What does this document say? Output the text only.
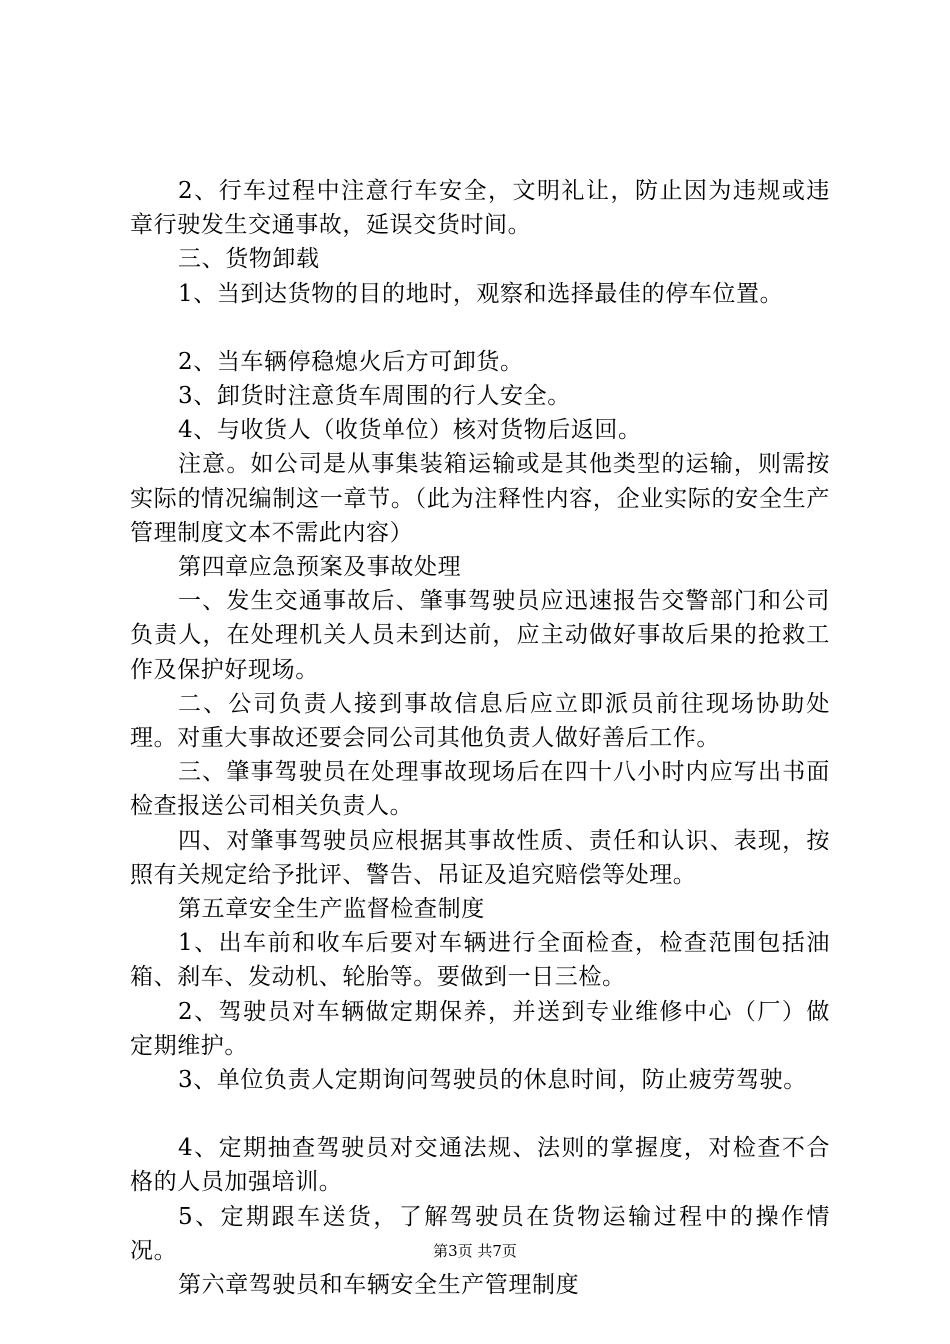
2、行车过程中注意行车安全，文明礼让，防止因为违规或违章行驶发生交通事故，延误交货时间。

三、货物卸载

1、当到达货物的目的地时，观察和选择最佳的停车位置。

2、当车辆停稳熄火后方可卸货。

3、卸货时注意货车周围的行人安全。

4、与收货人（收货单位）核对货物后返回。

注意。如公司是从事集装箱运输或是其他类型的运输，则需按实际的情况编制这一章节。（此为注释性内容，企业实际的安全生产管理制度文本不需此内容）

第四章应急预案及事故处理

一、发生交通事故后、肇事驾驶员应迅速报告交警部门和公司负责人，在处理机关人员未到达前，应主动做好事故后果的抢救工作及保护好现场。

二、公司负责人接到事故信息后应立即派员前往现场协助处理。对重大事故还要会同公司其他负责人做好善后工作。

三、肇事驾驶员在处理事故现场后在四十八小时内应写出书面检查报送公司相关负责人。

四、对肇事驾驶员应根据其事故性质、责任和认识、表现，按照有关规定给予批评、警告、吊证及追究赔偿等处理。

第五章安全生产监督检查制度

1、出车前和收车后要对车辆进行全面检查，检查范围包括油箱、刹车、发动机、轮胎等。要做到一日三检。

2、驾驶员对车辆做定期保养，并送到专业维修中心（厂）做定期维护。

3、单位负责人定期询问驾驶员的休息时间，防止疲劳驾驶。

4、定期抽查驾驶员对交通法规、法则的掌握度，对检查不合格的人员加强培训。

5、定期跟车送货，了解驾驶员在货物运输过程中的操作情况。

第六章驾驶员和车辆安全生产管理制度

第3页 共7页
